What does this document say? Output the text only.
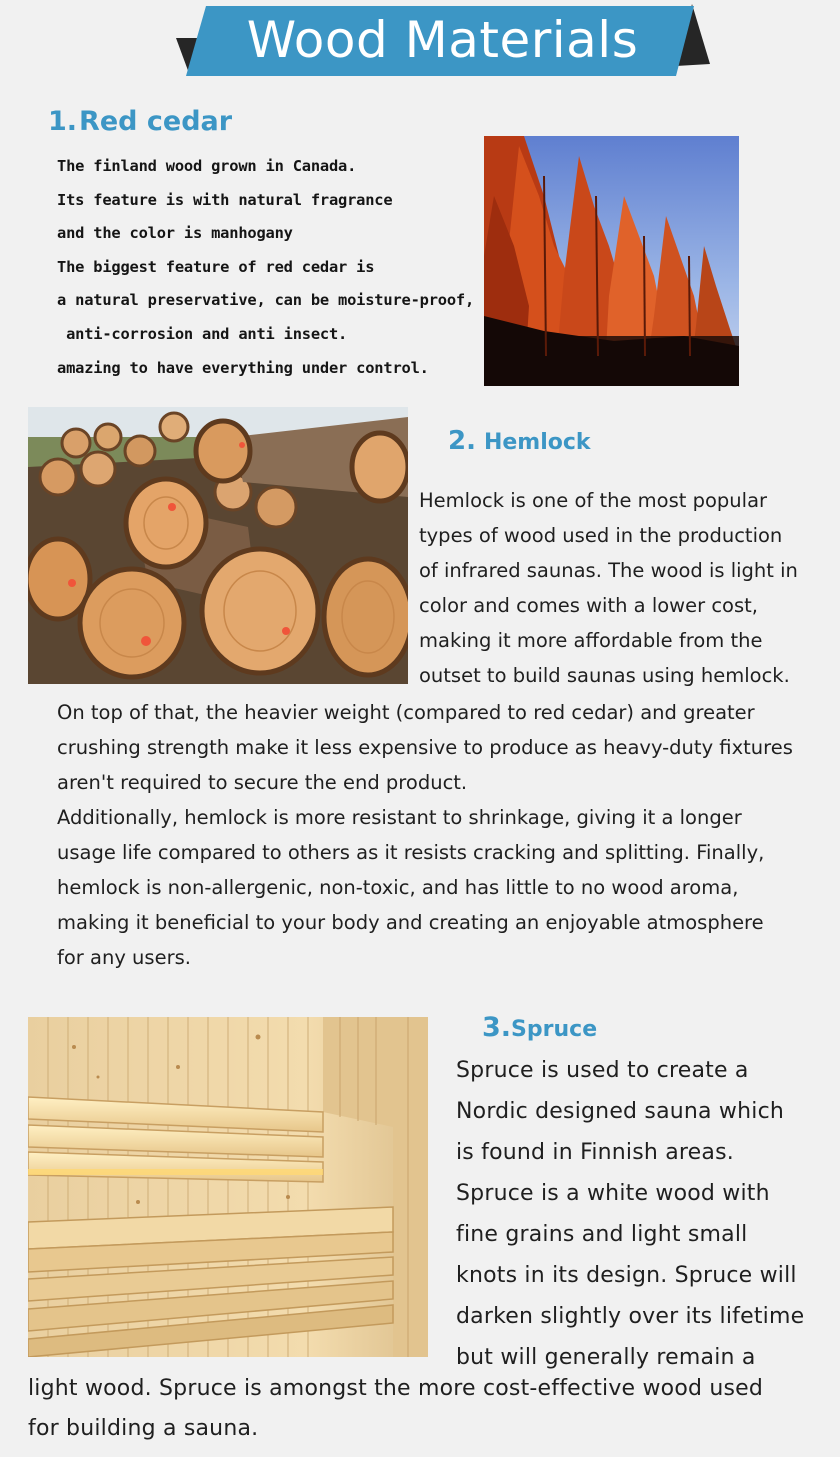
Wood Materials
1.Red cedar
The finland wood grown in Canada.
Its feature is with natural fragrance
and the color is manhogany
The biggest feature of red cedar is
a natural preservative, can be moisture-proof,
anti-corrosion and anti insect.
amazing to have everything under control.
2. Hemlock
Hemlock is one of the most popular
types of wood used in the production
of infrared saunas. The wood is light in
color and comes with a lower cost,
making it more affordable from the
outset to build saunas using hemlock.
On top of that, the heavier weight (compared to red cedar) and greater
crushing strength make it less expensive to produce as heavy-duty fixtures
aren't required to secure the end product.
Additionally, hemlock is more resistant to shrinkage, giving it a longer
usage life compared to others as it resists cracking and splitting. Finally,
hemlock is non-allergenic, non-toxic, and has little to no wood aroma,
making it beneficial to your body and creating an enjoyable atmosphere
for any users.
3.Spruce
Spruce is used to create a
Nordic designed sauna which
is found in Finnish areas.
Spruce is a white wood with
fine grains and light small
knots in its design. Spruce will
darken slightly over its lifetime
but will generally remain a
light wood. Spruce is amongst the more cost-effective wood used
for building a sauna.
